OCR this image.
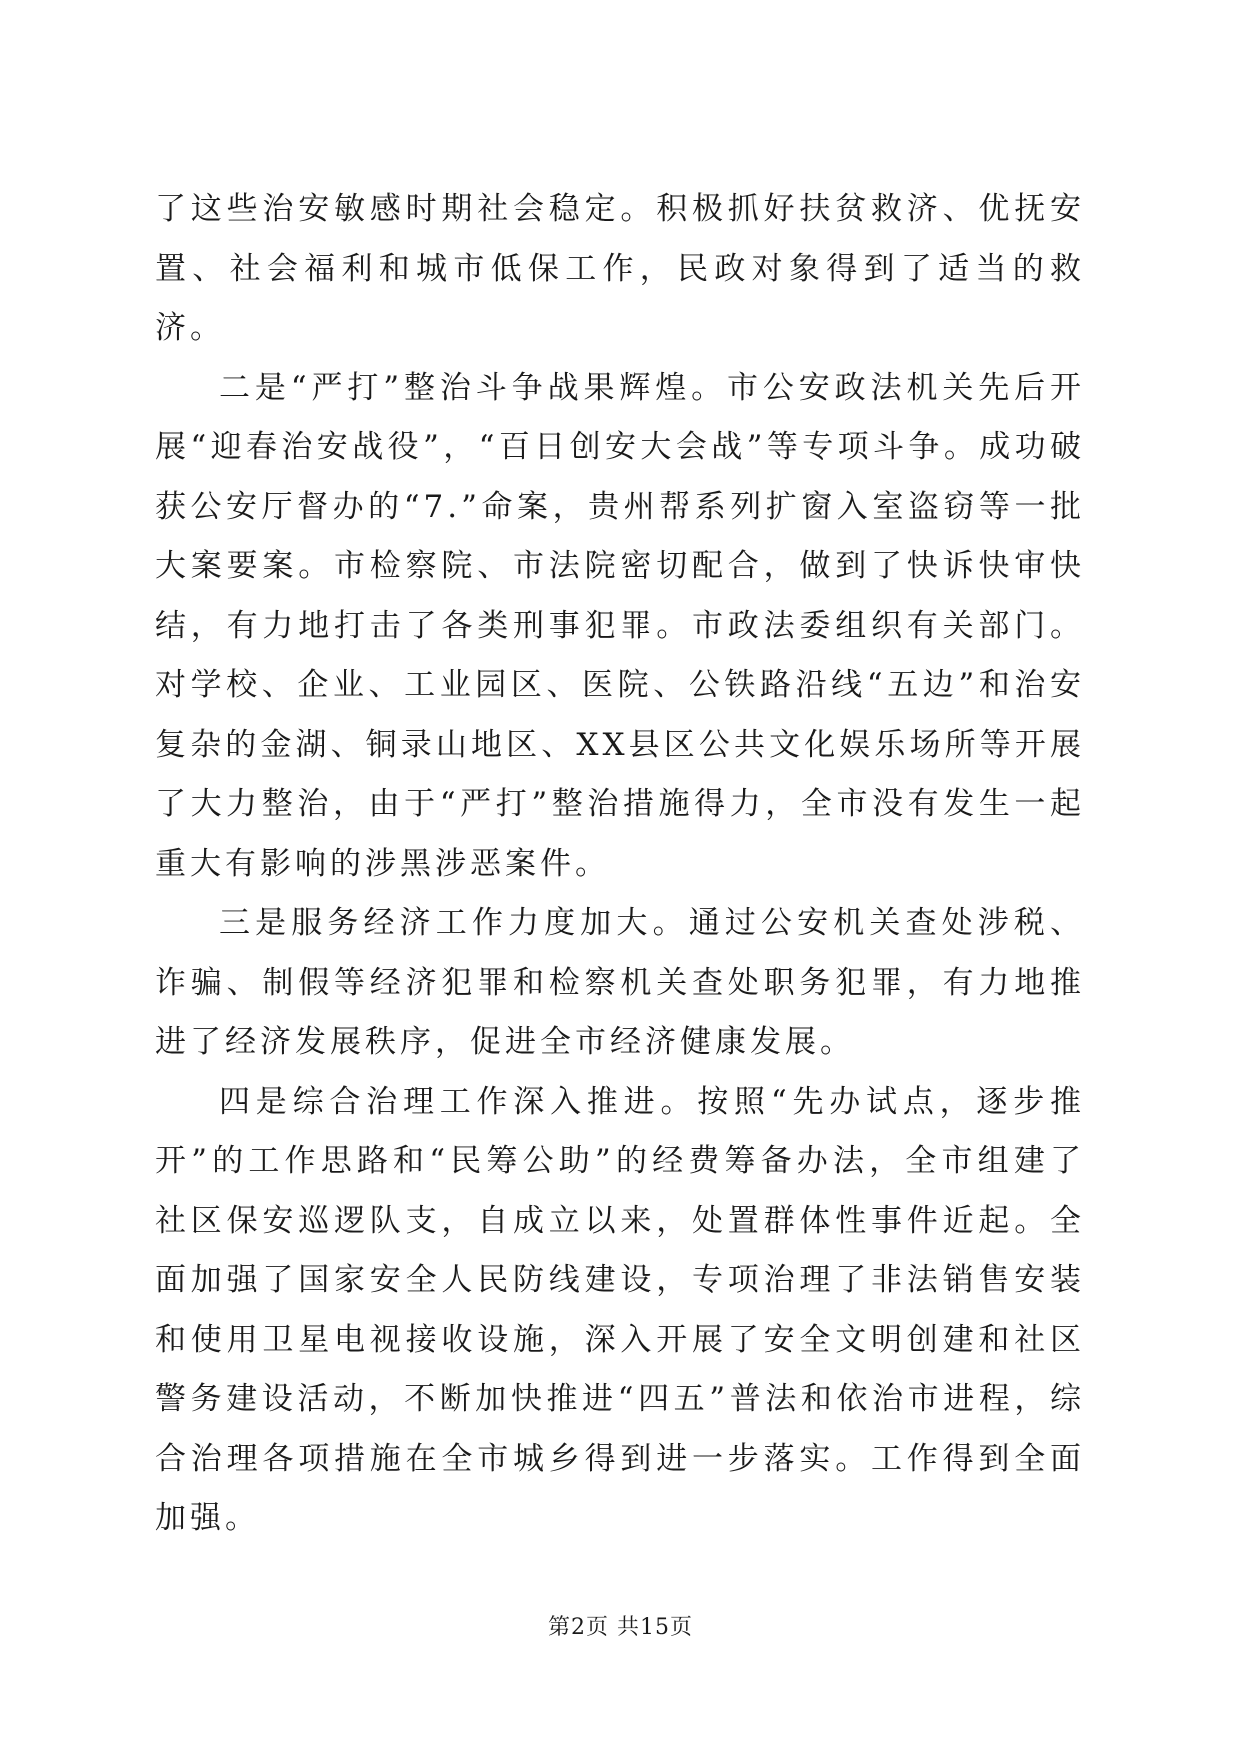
了这些治安敏感时期社会稳定。积极抓好扶贫救济、优抚安置、社会福利和城市低保工作，民政对象得到了适当的救济。

二是“严打”整治斗争战果辉煌。市公安政法机关先后开展“迎春治安战役”，“百日创安大会战”等专项斗争。成功破获公安厅督办的“7.”命案，贵州帮系列扩窗入室盗窃等一批大案要案。市检察院、市法院密切配合，做到了快诉快审快结，有力地打击了各类刑事犯罪。市政法委组织有关部门。对学校、企业、工业园区、医院、公铁路沿线“五边”和治安复杂的金湖、铜录山地区、XX县区公共文化娱乐场所等开展了大力整治，由于“严打”整治措施得力，全市没有发生一起重大有影响的涉黑涉恶案件。

三是服务经济工作力度加大。通过公安机关查处涉税、诈骗、制假等经济犯罪和检察机关查处职务犯罪，有力地推进了经济发展秩序，促进全市经济健康发展。

四是综合治理工作深入推进。按照“先办试点，逐步推开”的工作思路和“民筹公助”的经费筹备办法，全市组建了社区保安巡逻队支，自成立以来，处置群体性事件近起。全面加强了国家安全人民防线建设，专项治理了非法销售安装和使用卫星电视接收设施，深入开展了安全文明创建和社区警务建设活动，不断加快推进“四五”普法和依治市进程，综合治理各项措施在全市城乡得到进一步落实。工作得到全面加强。

第2页 共15页
